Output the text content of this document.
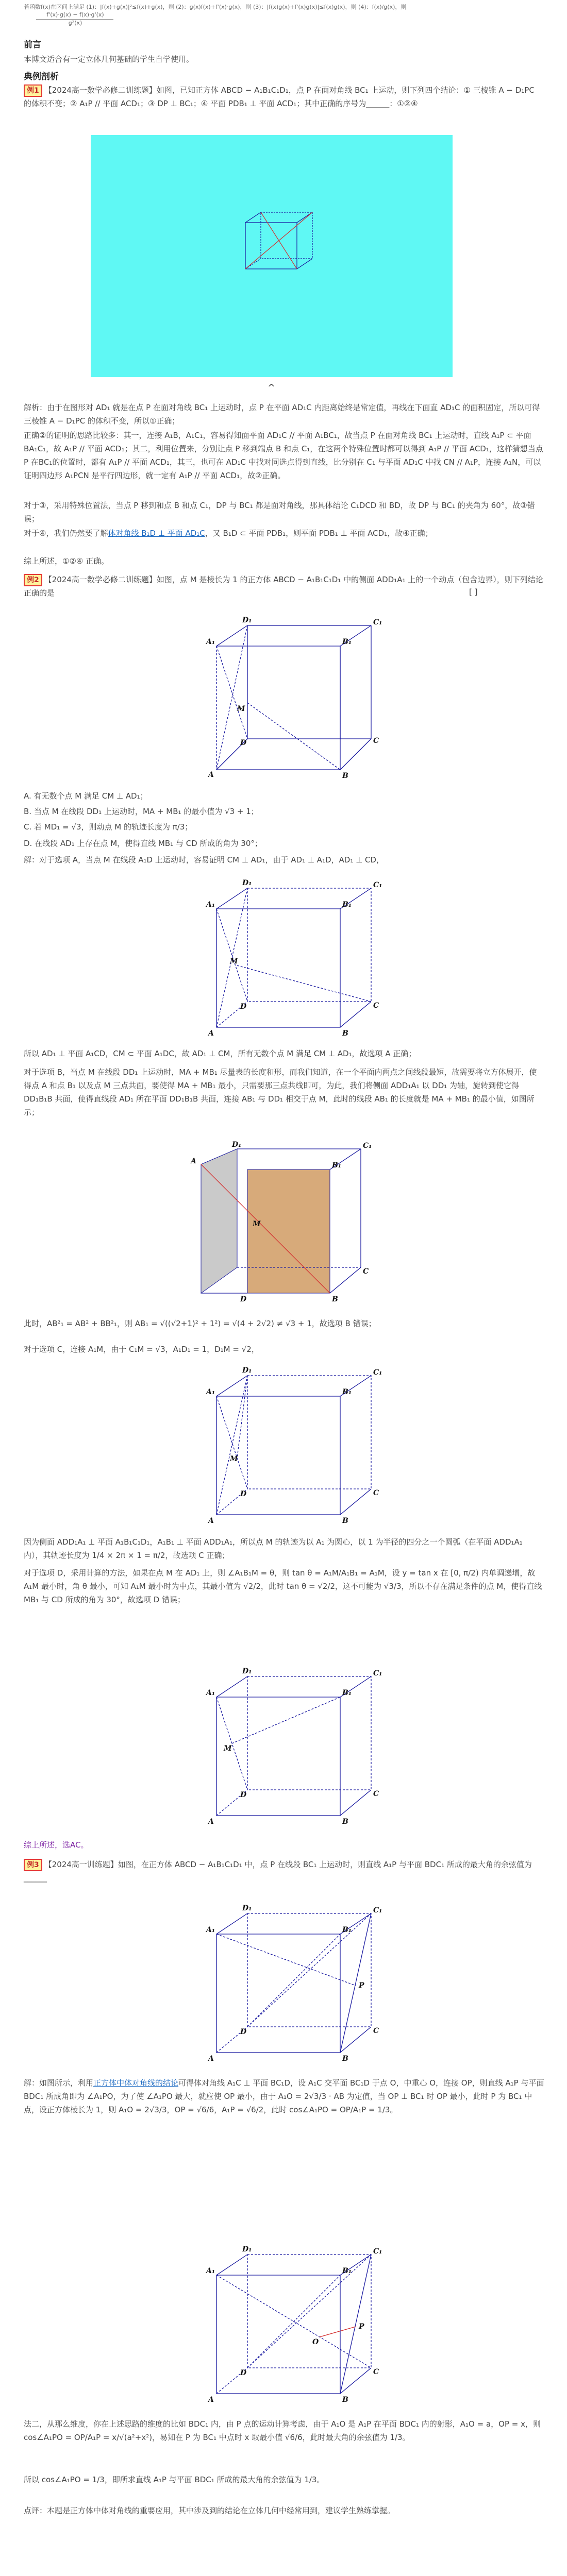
若函数f(x)在区间上满足 (1)：|f(x)+g(x)|²≤f(x)+g(x)，则 (2)：g(x)f(x)+f'(x)·g(x)，则 (3)：|f(x)g(x)+f'(x)g(x)|≤f(x)g(x)，则 (4)：f(x)/g(x)，则
f'(x)·g(x) − f(x)·g'(x)
g²(x)
前言
本博文适合有一定立体几何基础的学生自学使用。
典例剖析
例1 【2024高一数学必修二训练题】如图，已知正方体 ABCD − A₁B₁C₁D₁，点 P 在面对角线 BC₁ 上运动，则下列四个结论：① 三棱锥 A − D₁PC 的体积不变；② A₁P // 平面 ACD₁；③ DP ⊥ BC₁；④ 平面 PDB₁ ⊥ 平面 ACD₁；其中正确的序号为______：①②④
^
解析：由于在图形对 AD₁ 就是在点 P 在面对角线 BC₁ 上运动时，点 P 在平面 AD₁C 内距离始终是常定值，再线在下面直 AD₁C 的面积固定，所以可得三棱锥 A − D₁PC 的体积不变，所以①正确；
正确②的证明的思路比较多：其一，连接 A₁B，A₁C₁，容易得知面平面 AD₁C // 平面 A₁BC₁，故当点 P 在面对角线 BC₁ 上运动时，直线 A₁P ⊂ 平面 BA₁C₁，故 A₁P // 平面 ACD₁；其二，利用位置来，分别让点 P 移到端点 B 和点 C₁，在这两个特殊位置时都可以得到 A₁P // 平面 ACD₁，这样猜想当点 P 在BC₁的位置时，都有 A₁P // 平面 ACD₁，其三，也可在 AD₁C 中找对同选点得到直线，比分别在 C₁ 与平面 AD₁C 中找 CN // A₁P，连接 A₁N，可以证明四边形 A₁PCN 是平行四边形，就一定有 A₁P // 平面 ACD₁，故②正确。
对于③，采用特殊位置法，当点 P 移到和点 B 和点 C₁，DP 与 BC₁ 都是面对角线，那具体结论 C₁DCD 和 BD，故 DP 与 BC₁ 的夹角为 60°，故③错误；
对于④，我们仍然要了解体对角线 B₁D ⊥ 平面 AD₁C，又 B₁D ⊂ 平面 PDB₁，则平面 PDB₁ ⊥ 平面 ACD₁，故④正确；
综上所述，①②④ 正确。
例2 【2024高一数学必修二训练题】如图，点 M 是棱长为 1 的正方体 ABCD − A₁B₁C₁D₁ 中的侧面 ADD₁A₁ 上的一个动点（包含边界），则下列结论正确的是	[ ]
A₁	B₁
C₁
D₁
A	B
C
D
M
A. 有无数个点 M 满足 CM ⊥ AD₁；
B. 当点 M 在线段 DD₁ 上运动时，MA + MB₁ 的最小值为 √3 + 1；
C. 若 MD₁ = √3，则动点 M 的轨迹长度为 π/3；
D. 在线段 AD₁ 上存在点 M，使得直线 MB₁ 与 CD 所成的角为 30°；
解：对于选项 A，当点 M 在线段 A₁D 上运动时，容易证明 CM ⊥ AD₁，由于 AD₁ ⊥ A₁D，AD₁ ⊥ CD，
A₁	B₁
C₁
D₁
A	B
C
D
M
所以 AD₁ ⊥ 平面 A₁CD，CM ⊂ 平面 A₁DC，故 AD₁ ⊥ CM，所有无数个点 M 满足 CM ⊥ AD₁，故选项 A 正确；
对于选项 B，当点 M 在线段 DD₁ 上运动时，MA + MB₁ 尽量表的长度和形，而我们知道，在一个平面内两点之间线段最短，故需要将立方体展开，使得点 A 和点 B₁ 以及点 M 三点共面，要使得 MA + MB₁ 最小，只需要那三点共线即可，为此，我们将侧面 ADD₁A₁ 以 DD₁ 为轴，旋转到使它得 DD₁B₁B 共面，使得直线段 AD₁ 所在平面 DD₁B₁B 共面，连接 AB₁ 与 DD₁ 相交于点 M，此时的线段 AB₁ 的长度就是 MA + MB₁ 的最小值，如图所示；
A	B₁
C₁
D₁
B
C
D
M
此时，AB²₁ = AB² + BB²₁，则 AB₁ = √((√2+1)² + 1²) = √(4 + 2√2) ≠ √3 + 1，故选项 B 错误；
对于选项 C，连接 A₁M，由于 C₁M = √3，A₁D₁ = 1，D₁M = √2，
A₁	B₁
C₁
D₁
A	B
C
D
M
因为侧面 ADD₁A₁ ⊥ 平面 A₁B₁C₁D₁，A₁B₁ ⊥ 平面 ADD₁A₁，所以点 M 的轨迹为以 A₁ 为圆心，以 1 为半径的四分之一个圆弧（在平面 ADD₁A₁ 内），其轨迹长度为 1/4 × 2π × 1 = π/2，故选项 C 正确；
对于选项 D，采用计算的方法，如果在点 M 在 AD₁ 上，则 ∠A₁B₁M = θ，则 tan θ = A₁M/A₁B₁ = A₁M，设 y = tan x 在 [0, π/2) 内单调递增，故 A₁M 最小时，角 θ 最小，可知 A₁M 最小时为中点，其最小值为 √2/2，此时 tan θ = √2/2，这不可能为 √3/3，所以不存在满足条件的点 M，使得直线 MB₁ 与 CD 所成的角为 30°，故选项 D 错误；
A₁	B₁
C₁
D₁
A	B
C
D
M
综上所述，选AC。
例3 【2024高一训练题】如图，在正方体 ABCD − A₁B₁C₁D₁ 中，点 P 在线段 BC₁ 上运动时，则直线 A₁P 与平面 BDC₁ 所成的最大角的余弦值为______
A₁	B₁
C₁
D₁
A	B
C
D
P
解：如图所示，利用正方体中体对角线的结论可得体对角线 A₁C ⊥ 平面 BC₁D，设 A₁C 交平面 BC₁D 于点 O，中重心 O，连接 OP，则直线 A₁P 与平面 BDC₁ 所成角即为 ∠A₁PO，为了使 ∠A₁PO 最大，就应使 OP 最小，由于 A₁O = 2√3/3 · AB 为定值，当 OP ⊥ BC₁ 时 OP 最小，此时 P 为 BC₁ 中点，设正方体棱长为 1，则 A₁O = 2√3/3，OP = √6/6，A₁P = √6/2，此时 cos∠A₁PO = OP/A₁P = 1/3。
A₁	B₁
C₁
D₁
A	B
C
D
P
O
法二，从那么维度，你在上述思路的维度的比如 BDC₁ 内，由 P 点的运动计算考虑，由于 A₁O 是 A₁P 在平面 BDC₁ 内的射影，A₁O = a，OP = x，则 cos∠A₁PO = OP/A₁P = x/√(a²+x²)，易知在 P 为 BC₁ 中点时 x 取最小值 √6/6，此时最大角的余弦值为 1/3。
所以 cos∠A₁PO = 1/3，即所求直线 A₁P 与平面 BDC₁ 所成的最大角的余弦值为 1/3。
点评：本题是正方体中体对角线的重要应用，其中涉及到的结论在立体几何中经常用到，建议学生熟练掌握。
